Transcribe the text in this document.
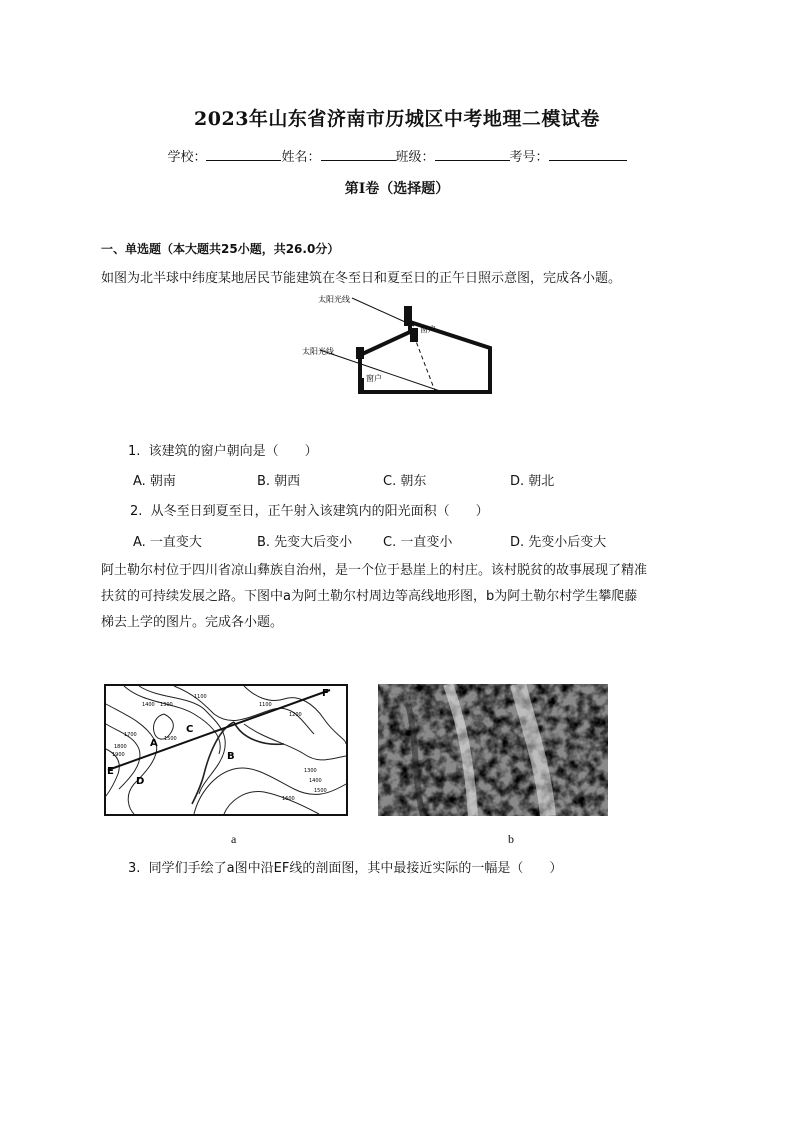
2023年山东省济南市历城区中考地理二模试卷
学校：	姓名：	班级：	考号：
第Ⅰ卷（选择题）
一、单选题（本大题共25小题，共26.0分）
如图为北半球中纬度某地居民节能建筑在冬至日和夏至日的正午日照示意图，完成各小题。
太阳光线
太阳光线
窗户
窗户
1. 该建筑的窗户朝向是（　　）
A. 朝南	B. 朝西	C. 朝东	D. 朝北
2. 从冬至日到夏至日，正午射入该建筑内的阳光面积（　　）
A. 一直变大	B. 先变大后变小 C. 一直变小	D. 先变小后变大
阿土勒尔村位于四川省凉山彝族自治州，是一个位于悬崖上的村庄。该村脱贫的故事展现了精准
扶贫的可持续发展之路。下图中a为阿土勒尔村周边等高线地形图，b为阿土勒尔村学生攀爬藤
梯去上学的图片。完成各小题。
E
F
A
B
C
D
1400 1300
1100
1500
1700
1800
1900
1100
1200
1300
1400
1500
1600
a	b
3. 同学们手绘了a图中沿EF线的剖面图，其中最接近实际的一幅是（　　）
